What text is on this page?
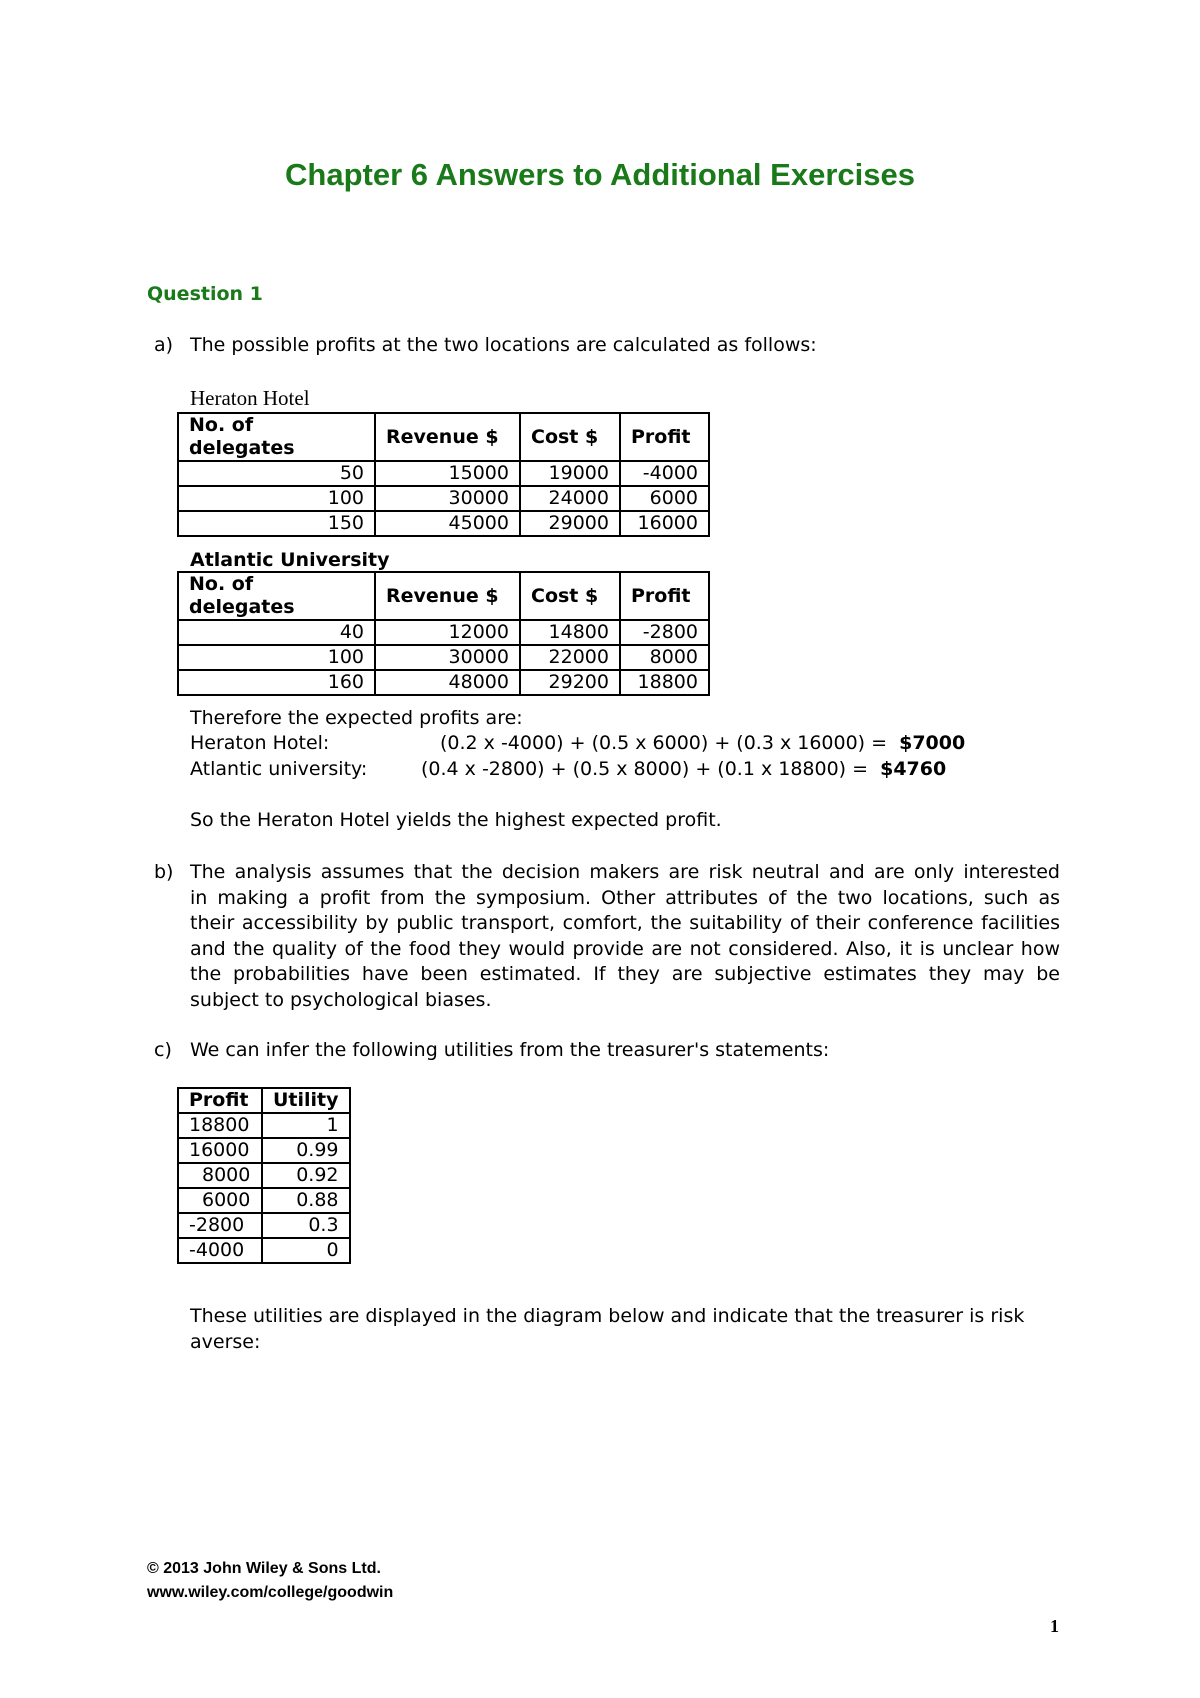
Chapter 6 Answers to Additional Exercises
Question 1
a) The possible profits at the two locations are calculated as follows:
Heraton Hotel
No. of delegates	Revenue $	Cost $	Profit
50	15000	19000	-4000
100	30000	24000	6000
150	45000	29000	16000
Atlantic University
No. of delegates	Revenue $	Cost $	Profit
40	12000	14800	-2800
100	30000	22000	8000
160	48000	29200	18800
Therefore the expected profits are:
Heraton Hotel:	(0.2 x -4000) + (0.5 x 6000) + (0.3 x 16000) = $7000
Atlantic university:	(0.4 x -2800) + (0.5 x 8000) + (0.1 x 18800) = $4760
So the Heraton Hotel yields the highest expected profit.
b) The analysis assumes that the decision makers are risk neutral and are only interested
in making a profit from the symposium. Other attributes of the two locations, such as
their accessibility by public transport, comfort, the suitability of their conference facilities
and the quality of the food they would provide are not considered. Also, it is unclear how
the probabilities have been estimated. If they are subjective estimates they may be
subject to psychological biases.
c) We can infer the following utilities from the treasurer's statements:
Profit	Utility
18800	1
16000	0.99
8000	0.92
6000	0.88
-2800	0.3
-4000	0
These utilities are displayed in the diagram below and indicate that the treasurer is risk
averse:
© 2013 John Wiley & Sons Ltd.
www.wiley.com/college/goodwin
1
